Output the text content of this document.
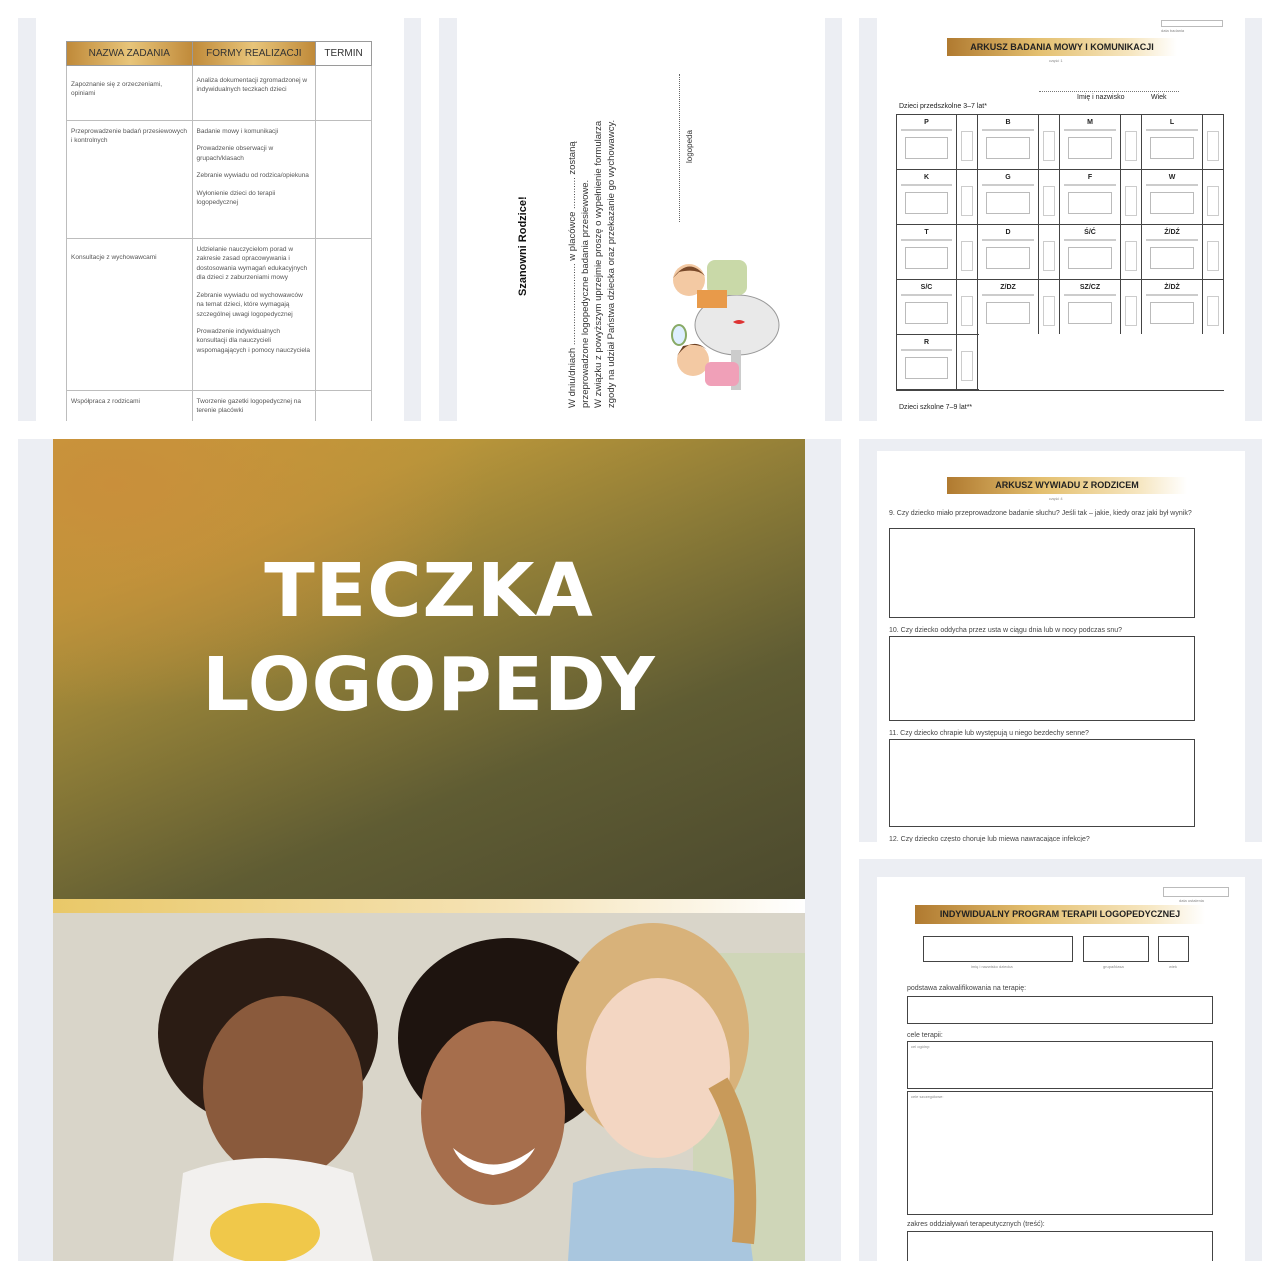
NAZWA ZADANIA	FORMY REALIZACJI	TERMIN
Zapoznanie się z orzeczeniami, opiniami	Analiza dokumentacji zgromadzonej w indywidualnych teczkach dzieci	

Przeprowadzenie badań przesiewowych i kontrolnych	Badanie mowy i komunikacji

Prowadzenie obserwacji w grupach/klasach

Zebranie wywiadu od rodzica/opiekuna

Wyłonienie dzieci do terapii logopedycznej	

Konsultacje z wychowawcami	Udzielanie nauczycielom porad w zakresie zasad opracowywania i dostosowania wymagań edukacyjnych dla dzieci z zaburzeniami mowy

Zebranie wywiadu od wychowawców na temat dzieci, które wymagają szczególnej uwagi logopedycznej

Prowadzenie indywidualnych konsultacji dla nauczycieli wspomagających i pomocy nauczyciela	

Współpraca z rodzicami	Tworzenie gazetki logopedycznej na terenie placówki	

Szanowni Rodzice!	W dniu/dniach ............................... w placówce ............ zostaną przeprowadzone logopedyczne badania przesiewowe. W związku z powyższym uprzejmie proszę o wypełnienie formularza zgody na udział Państwa dziecka oraz przekazanie go wychowawcy.	logopeda
data badania
ARKUSZ BADANIA MOWY I KOMUNIKACJI
część 1
Imię i nazwisko	Wiek
Dzieci przedszkolne 3–7 lat*
P	B	M	L
K	G	F	W
T	D	Ś/Ć	Ź/DŹ
S/C	Z/DZ	SZ/CZ	Ż/DŻ
R
Dzieci szkolne 7–9 lat**
TECZKA
LOGOPEDY
ARKUSZ WYWIADU Z RODZICEM
część 4
9. Czy dziecko miało przeprowadzone badanie słuchu? Jeśli tak – jakie, kiedy oraz jaki był wynik?
10. Czy dziecko oddycha przez usta w ciągu dnia lub w nocy podczas snu?
11. Czy dziecko chrapie lub występują u niego bezdechy senne?
12. Czy dziecko często choruje lub miewa nawracające infekcje?
data ustalenia
INDYWIDUALNY PROGRAM TERAPII LOGOPEDYCZNEJ
imię i nazwisko dziecka	grupa/klasa	wiek
podstawa zakwalifikowania na terapię:
cele terapii:
cel ogólny:
cele szczegółowe:
zakres oddziaływań terapeutycznych (treść):
